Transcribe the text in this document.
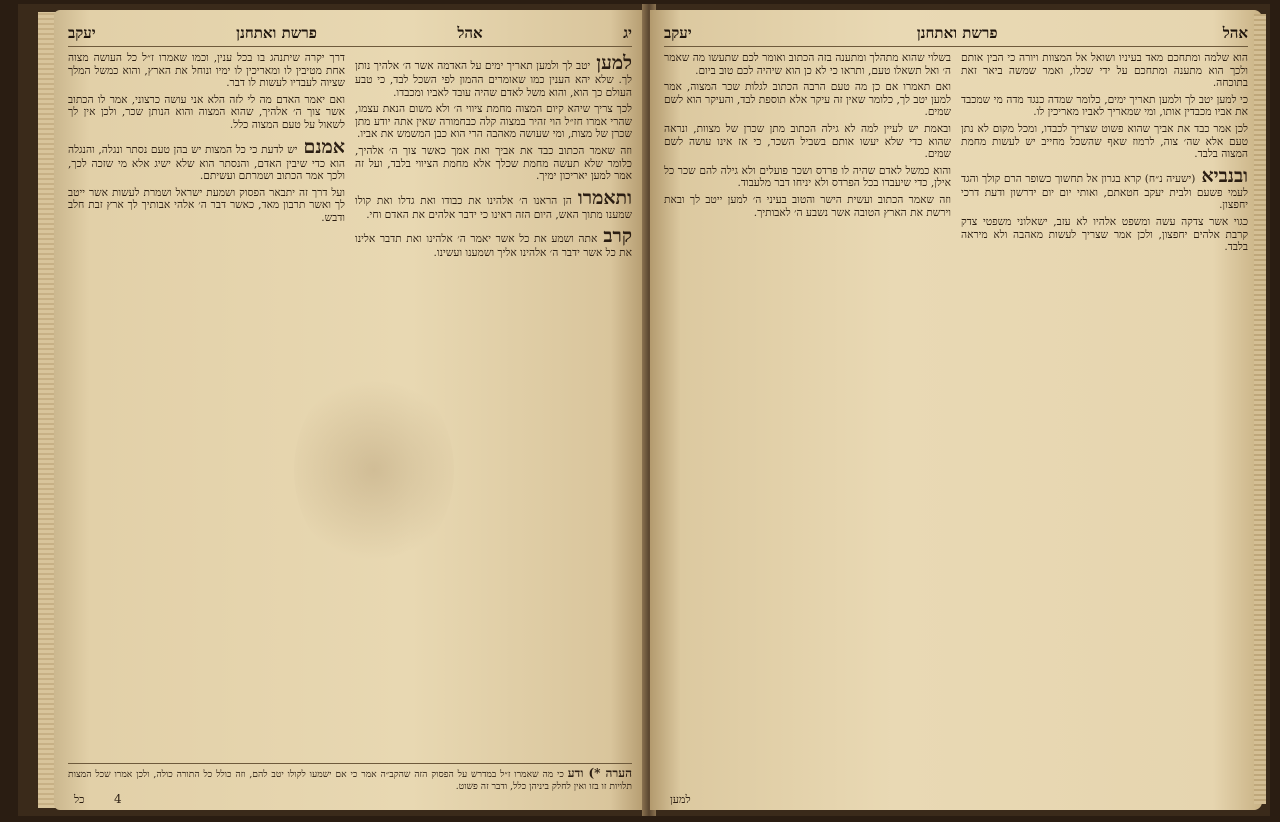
יג
אהל
פרשת ואתחנן
יעקב

למעןיטב לך ולמען תאריך ימים על האדמה אשר ה׳ אלהיך נותן לך. שלא יהא הענין כמו שאומרים ההמון לפי השכל לבד, כי טבע העולם כך הוא, והוא משל לאדם שהיה עובד לאביו ומכבדו.

לכך צריך שיהא קיום המצוה מחמת ציווי ה׳ ולא משום הנאת עצמו, שהרי אמרו חז״ל הוי זהיר במצוה קלה כבחמורה שאין אתה יודע מתן שכרן של מצות, ומי שעושה מאהבה הרי הוא כבן המשמש את אביו.

וזה שאמר הכתוב כבד את אביך ואת אמך כאשר צוך ה׳ אלהיך, כלומר שלא תעשה מחמת שכלך אלא מחמת הציווי בלבד, ועל זה אמר למען יאריכון ימיך.

ותאמרוהן הראנו ה׳ אלהינו את כבודו ואת גדלו ואת קולו שמענו מתוך האש, היום הזה ראינו כי ידבר אלהים את האדם וחי.

קרבאתה ושמע את כל אשר יאמר ה׳ אלהינו ואת תדבר אלינו את כל אשר ידבר ה׳ אלהינו אליך ושמענו ועשינו.

דרך יקרה שיתנהג בו בכל ענין, וכמו שאמרו ז״ל כל העושה מצוה אחת מטיבין לו ומאריכין לו ימיו ונוחל את הארץ, והוא כמשל המלך שציוה לעבדיו לעשות לו דבר.

ואם יאמר האדם מה לי לזה הלא אני עושה כרצוני, אמר לו הכתוב אשר צוך ה׳ אלהיך, שהוא המצוה והוא הנותן שכר, ולכן אין לך לשאול על טעם המצוה כלל.

אמנםיש לדעת כי כל המצות יש בהן טעם נסתר ונגלה, והנגלה הוא כדי שיבין האדם, והנסתר הוא שלא ישיג אלא מי שזכה לכך, ולכך אמר הכתוב ושמרתם ועשיתם.

ועל דרך זה יתבאר הפסוק ושמעת ישראל ושמרת לעשות אשר ייטב לך ואשר תרבון מאד, כאשר דבר ה׳ אלהי אבותיך לך ארץ זבת חלב ודבש.

הערה *) ודע כי מה שאמרו ז״ל במדרש על הפסוק הזה שהקב״ה אמר כי אם ישמעו לקולו יטב להם, וזה כולל כל התורה כולה, ולכן אמרו שכל המצות תלויות זו בזו ואין לחלק ביניהן כלל, ודבר זה פשוט.
כל 4
אהל
פרשת ואתחנן
יעקב

הוא שלמה ומתחכם מאד בעיניו ושואל אל המצוות ויורה כי הבין אותם ולכך הוא מתענה ומתחכם על ידי שכלו, ואמר שמשה ביאר זאת בתוכחה.

כי למען יטב לך ולמען תאריך ימים, כלומר שמדה כנגד מדה מי שמכבד את אביו מכבדין אותו, ומי שמאריך לאביו מאריכין לו.

לכן אמר כבד את אביך שהוא פשוט שצריך לכבדו, ומכל מקום לא נתן טעם אלא שה׳ צוה, לרמוז שאף שהשכל מחייב יש לעשות מחמת המצוה בלבד.

ובנביא(ישעיה נ״ח) קרא בגרון אל תחשוך כשופר הרם קולך והגד לעמי פשעם ולבית יעקב חטאתם, ואותי יום יום ידרשון ודעת דרכי יחפצון.

כגוי אשר צדקה עשה ומשפט אלהיו לא עזב, ישאלוני משפטי צדק קרבת אלהים יחפצון, ולכן אמר שצריך לעשות מאהבה ולא מיראה בלבד.

בשלוי שהוא מתהלך ומתענה בזה הכתוב ואומר לכם שתעשו מה שאמר ה׳ ואל תשאלו טעם, ותראו כי לא כן הוא שיהיה לכם טוב ביום.

ואם תאמרו אם כן מה טעם הרבה הכתוב לגלות שכר המצוה, אמר למען יטב לך, כלומר שאין זה עיקר אלא תוספת לבד, והעיקר הוא לשם שמים.

ובאמת יש לעיין למה לא גילה הכתוב מתן שכרן של מצוות, ונראה שהוא כדי שלא יעשו אותם בשביל השכר, כי אז אינו עושה לשם שמים.

והוא כמשל לאדם שהיה לו פרדס ושכר פועלים ולא גילה להם שכר כל אילן, כדי שיעבדו בכל הפרדס ולא יניחו דבר מלעבוד.

וזה שאמר הכתוב ועשית הישר והטוב בעיני ה׳ למען ייטב לך ובאת וירשת את הארץ הטובה אשר נשבע ה׳ לאבותיך.

למען
